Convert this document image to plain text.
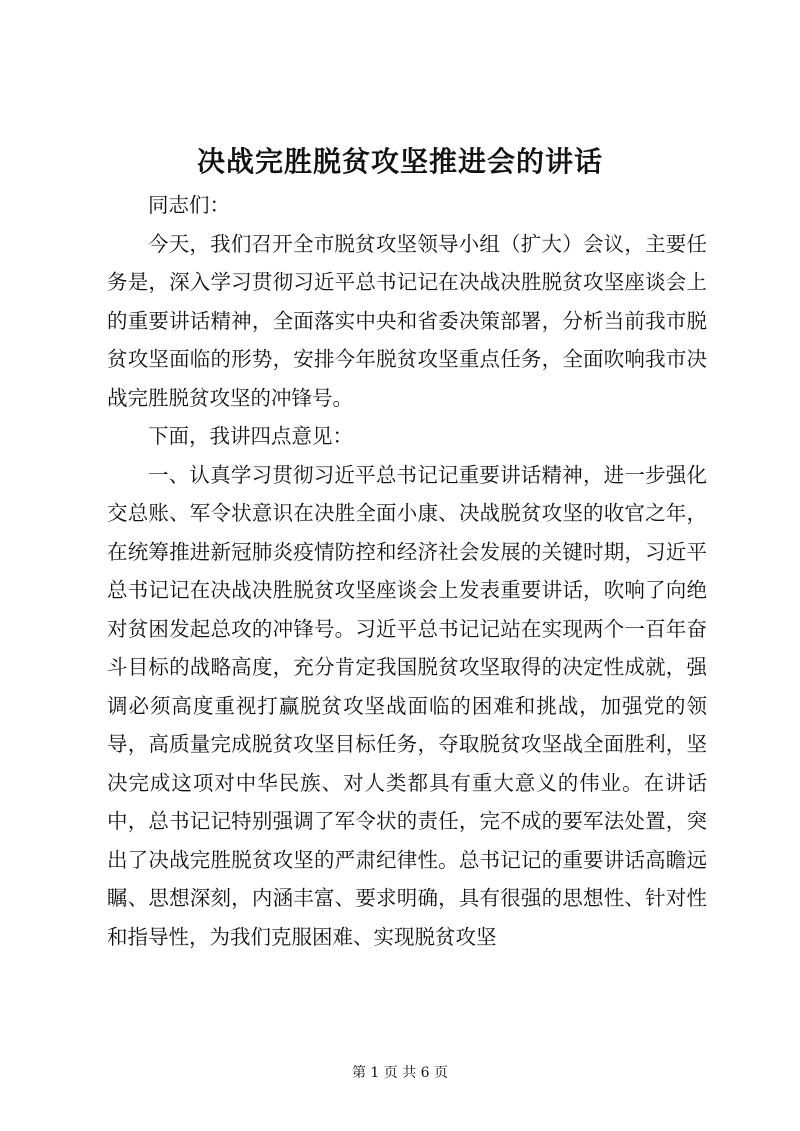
决战完胜脱贫攻坚推进会的讲话

同志们：

今天，我们召开全市脱贫攻坚领导小组（扩大）会议，主要任务是，深入学习贯彻习近平总书记记在决战决胜脱贫攻坚座谈会上的重要讲话精神，全面落实中央和省委决策部署，分析当前我市脱贫攻坚面临的形势，安排今年脱贫攻坚重点任务，全面吹响我市决战完胜脱贫攻坚的冲锋号。

下面，我讲四点意见：

一、认真学习贯彻习近平总书记记重要讲话精神，进一步强化交总账、军令状意识在决胜全面小康、决战脱贫攻坚的收官之年，在统筹推进新冠肺炎疫情防控和经济社会发展的关键时期，习近平总书记记在决战决胜脱贫攻坚座谈会上发表重要讲话，吹响了向绝对贫困发起总攻的冲锋号。习近平总书记记站在实现两个一百年奋斗目标的战略高度，充分肯定我国脱贫攻坚取得的决定性成就，强调必须高度重视打赢脱贫攻坚战面临的困难和挑战，加强党的领导，高质量完成脱贫攻坚目标任务，夺取脱贫攻坚战全面胜利，坚决完成这项对中华民族、对人类都具有重大意义的伟业。在讲话中，总书记记特别强调了军令状的责任，完不成的要军法处置，突出了决战完胜脱贫攻坚的严肃纪律性。总书记记的重要讲话高瞻远瞩、思想深刻，内涵丰富、要求明确，具有很强的思想性、针对性和指导性，为我们克服困难、实现脱贫攻坚

第 1 页 共 6 页
